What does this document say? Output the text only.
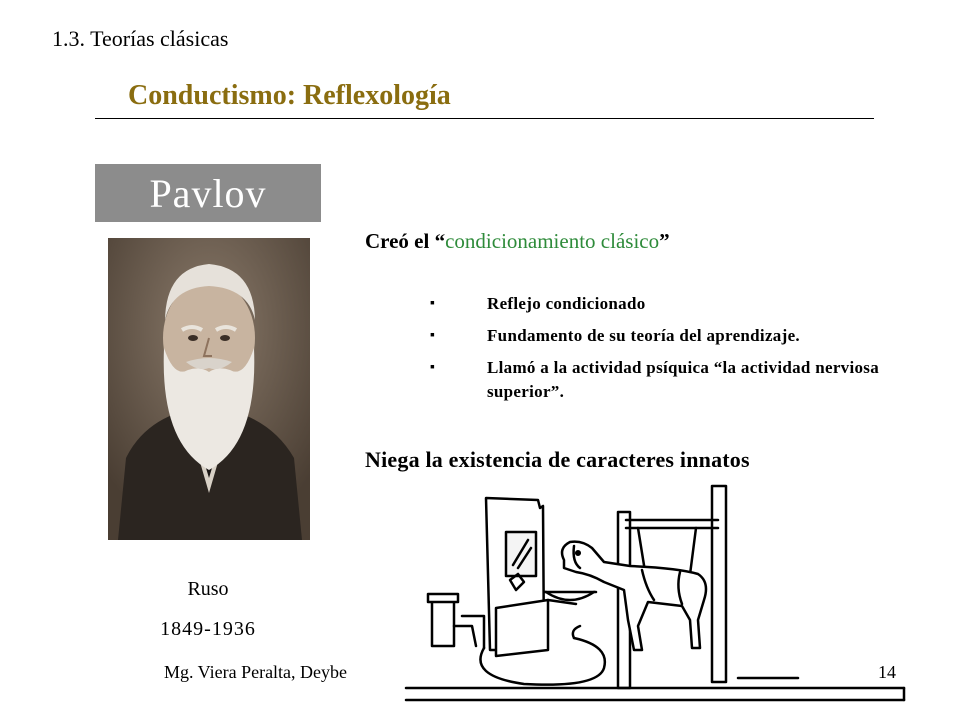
1.3. Teorías clásicas
Conductismo: Reflexología
Pavlov
Ruso
1849-1936
Creó el “condicionamiento clásico”
▪	Reflejo condicionado
▪	Fundamento de su teoría del aprendizaje.
▪	Llamó a la actividad psíquica “la actividad nerviosa superior”.
Niega la existencia de caracteres innatos
Mg. Viera Peralta, Deybe	14
